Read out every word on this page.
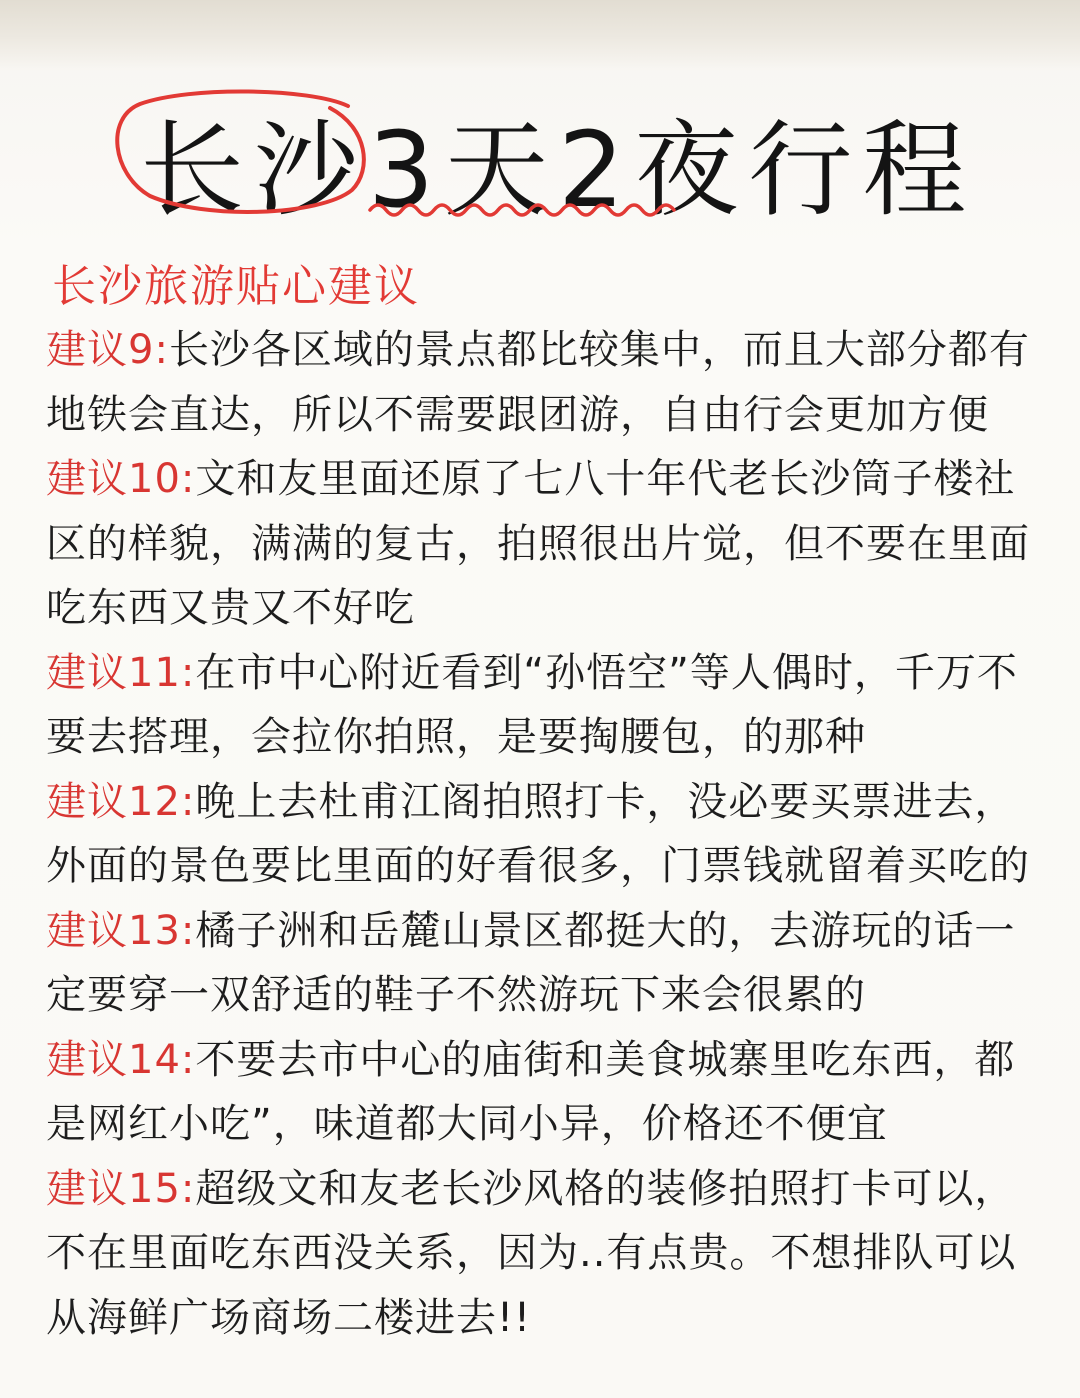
长沙3天2夜行程
长沙旅游贴心建议
建议9:长沙各区域的景点都比较集中，而且大部分都有地铁会直达，所以不需要跟团游，自由行会更加方便
建议10:文和友里面还原了七八十年代老长沙筒子楼社区的样貌，满满的复古，拍照很出片觉，但不要在里面吃东西又贵又不好吃
建议11:在市中心附近看到“孙悟空”等人偶时，千万不要去搭理，会拉你拍照，是要掏腰包，的那种
建议12:晚上去杜甫江阁拍照打卡，没必要买票进去，外面的景色要比里面的好看很多，门票钱就留着买吃的
建议13:橘子洲和岳麓山景区都挺大的，去游玩的话一定要穿一双舒适的鞋子不然游玩下来会很累的
建议14:不要去市中心的庙街和美食城寨里吃东西，都是网红小吃”，味道都大同小异，价格还不便宜
建议15:超级文和友老长沙风格的装修拍照打卡可以，不在里面吃东西没关系，因为..有点贵。不想排队可以从海鲜广场商场二楼进去!!
